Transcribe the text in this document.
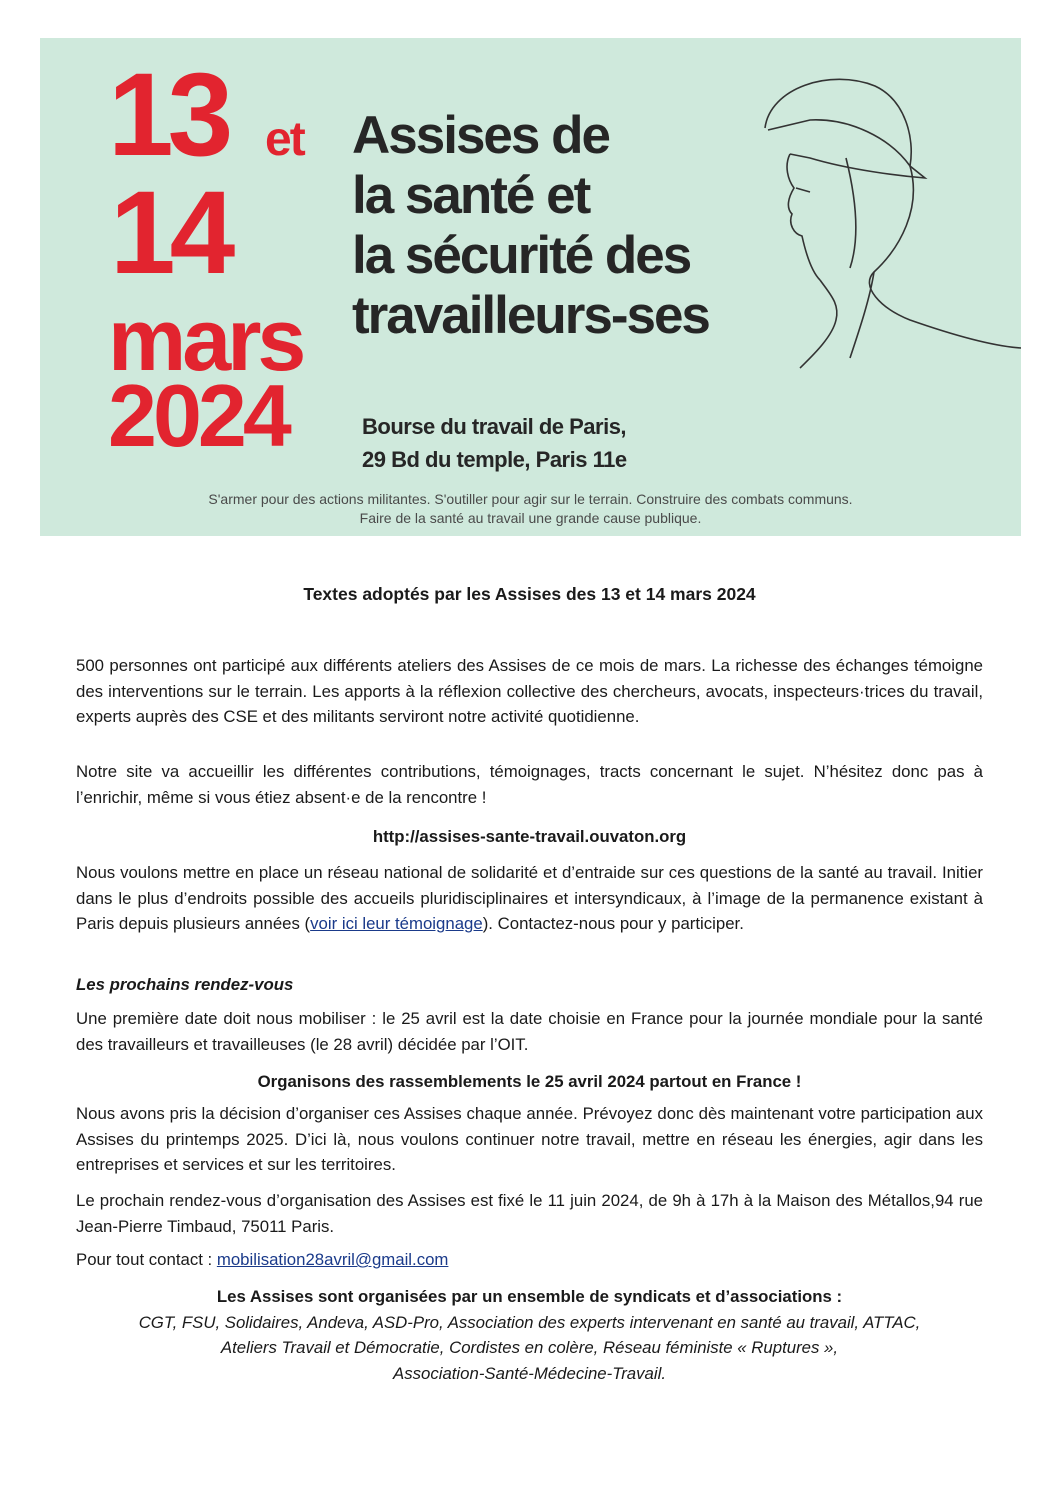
13 et
14
mars
2024
Assises de
la santé et
la sécurité des
travailleurs-ses
Bourse du travail de Paris,
29 Bd du temple, Paris 11e
S'armer pour des actions militantes. S'outiller pour agir sur le terrain. Construire des combats communs.
Faire de la santé au travail une grande cause publique.
Textes adoptés par les Assises des 13 et 14 mars 2024

500 personnes ont participé aux différents ateliers des Assises de ce mois de mars. La richesse des échanges témoigne des interventions sur le terrain. Les apports à la réflexion collective des chercheurs, avocats, inspecteurs·trices du travail, experts auprès des CSE et des militants serviront notre activité quotidienne.

Notre site va accueillir les différentes contributions, témoignages, tracts concernant le sujet. N’hésitez donc pas à l’enrichir, même si vous étiez absent·e de la rencontre !

http://assises-sante-travail.ouvaton.org

Nous voulons mettre en place un réseau national de solidarité et d’entraide sur ces questions de la santé au travail. Initier dans le plus d’endroits possible des accueils pluridisciplinaires et intersyndicaux, à l’image de la permanence existant à Paris depuis plusieurs années (voir ici leur témoignage). Contactez-nous pour y participer.

Les prochains rendez-vous

Une première date doit nous mobiliser : le 25 avril est la date choisie en France pour la journée mondiale pour la santé des travailleurs et travailleuses (le 28 avril) décidée par l’OIT.

Organisons des rassemblements le 25 avril 2024 partout en France !

Nous avons pris la décision d’organiser ces Assises chaque année. Prévoyez donc dès maintenant votre participation aux Assises du printemps 2025. D’ici là, nous voulons continuer notre travail, mettre en réseau les énergies, agir dans les entreprises et services et sur les territoires.

Le prochain rendez-vous d’organisation des Assises est fixé le 11 juin 2024, de 9h à 17h à la Maison des Métallos,94 rue Jean-Pierre Timbaud, 75011 Paris.

Pour tout contact : mobilisation28avril@gmail.com

Les Assises sont organisées par un ensemble de syndicats et d’associations :

CGT, FSU, Solidaires, Andeva, ASD-Pro, Association des experts intervenant en santé au travail, ATTAC,

Ateliers Travail et Démocratie, Cordistes en colère, Réseau féministe « Ruptures »,

Association-Santé-Médecine-Travail.
